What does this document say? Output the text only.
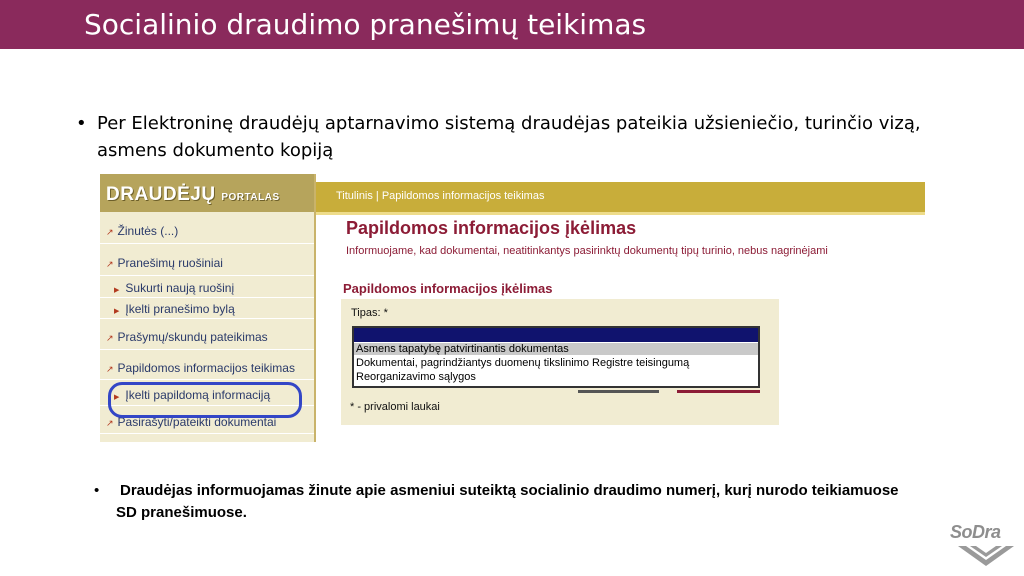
Socialinio draudimo pranešimų teikimas
• Per Elektroninę draudėjų aptarnavimo sistemą draudėjas pateikia užsieniečio, turinčio vizą, asmens dokumento kopiją
DRAUDĖJŲ PORTALAS
↗ Žinutės (...)
↗ Pranešimų ruošiniai
▶ Sukurti naują ruošinį
▶ Įkelti pranešimo bylą
↗ Prašymų/skundų pateikimas
↗ Papildomos informacijos teikimas
▶ Įkelti papildomą informaciją
↗ Pasirašyti/pateikti dokumentai
Titulinis | Papildomos informacijos teikimas
Papildomos informacijos įkėlimas
Informuojame, kad dokumentai, neatitinkantys pasirinktų dokumentų tipų turinio, nebus nagrinėjami
Papildomos informacijos įkėlimas
Tipas: *
Asmens tapatybę patvirtinantis dokumentas
Dokumentai, pagrindžiantys duomenų tikslinimo Registre teisingumą
Reorganizavimo sąlygos
* - privalomi laukai
• Draudėjas informuojamas žinute apie asmeniui suteiktą socialinio draudimo numerį, kurį nurodo teikiamuose SD pranešimuose.
SoDra
